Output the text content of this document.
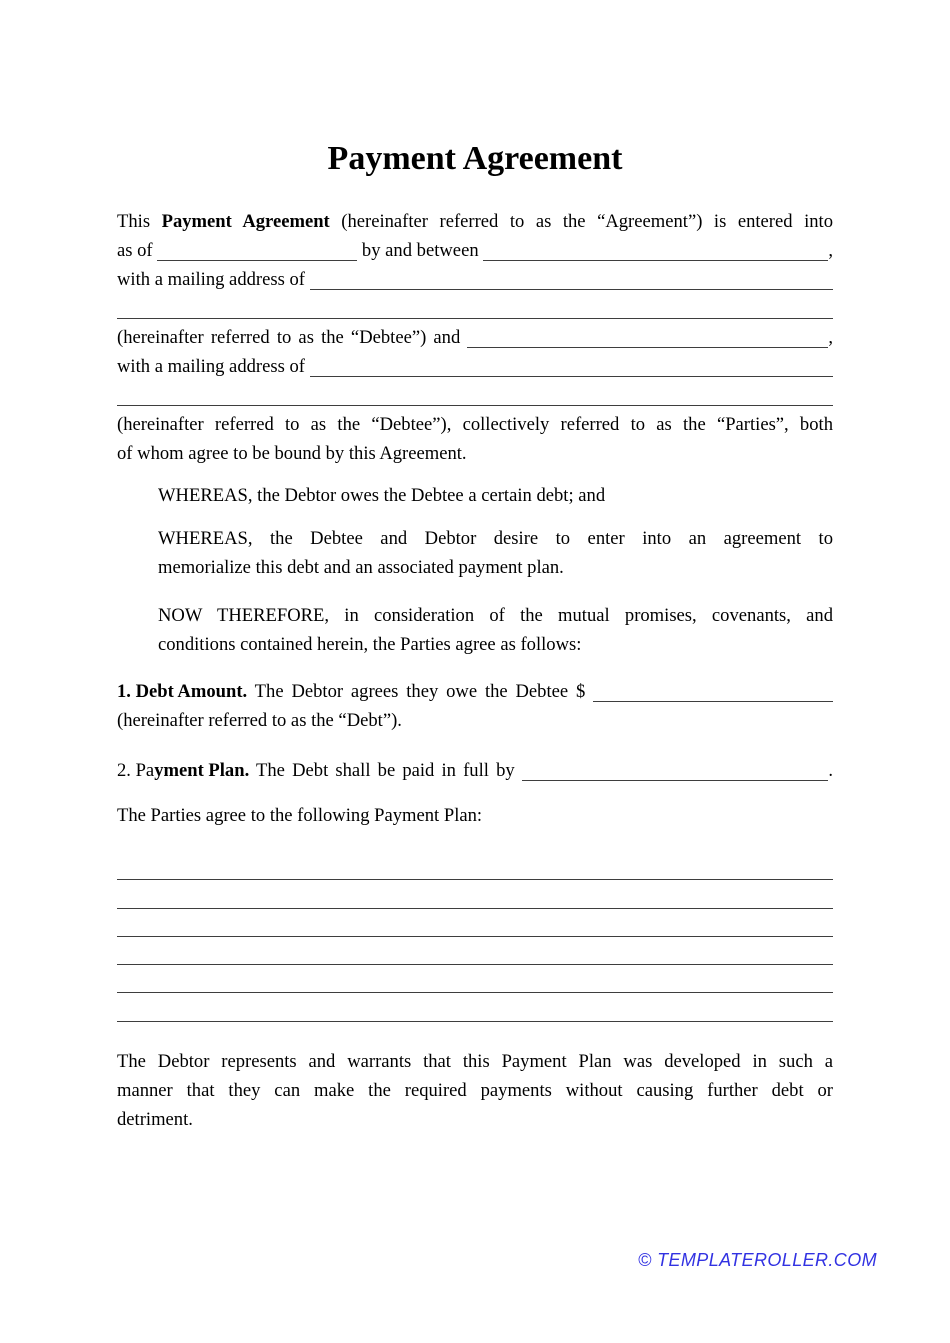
Payment Agreement
This Payment Agreement (hereinafter referred to as the “Agreement”) is entered into
as of	by and between	,
with a mailing address of
(hereinafter referred to as the “Debtee”) and	,
with a mailing address of
(hereinafter referred to as the “Debtee”), collectively referred to as the “Parties”, both
of whom agree to be bound by this Agreement.
WHEREAS, the Debtor owes the Debtee a certain debt; and
WHEREAS, the Debtee and Debtor desire to enter into an agreement to
memorialize this debt and an associated payment plan.
NOW THEREFORE, in consideration of the mutual promises, covenants, and
conditions contained herein, the Parties agree as follows:
1. Debt Amount. The Debtor agrees they owe the Debtee $
(hereinafter referred to as the “Debt”).
2. Pa yment Plan. The Debt shall be paid in full by	.
The Parties agree to the following Payment Plan:
The Debtor represents and warrants that this Payment Plan was developed in such a
manner that they can make the required payments without causing further debt or
detriment.
© TEMPLATEROLLER.COM
